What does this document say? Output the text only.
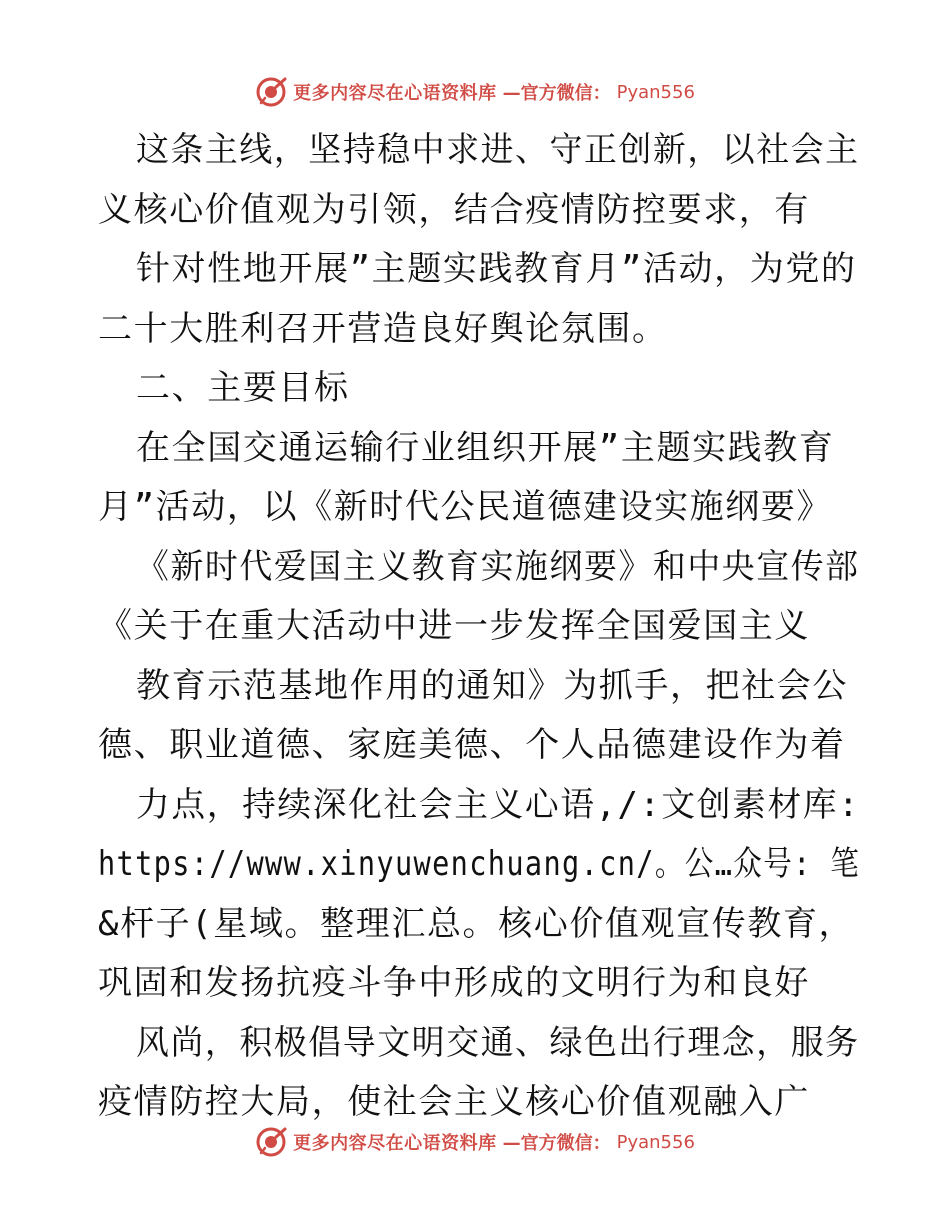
更多内容尽在心语资料库 —官方微信： Pyan556
这条主线，坚持稳中求进、守正创新，以社会主
义核心价值观为引领，结合疫情防控要求，有
针对性地开展”主题实践教育月”活动，为党的
二十大胜利召开营造良好舆论氛围。
二、主要目标
在全国交通运输行业组织开展”主题实践教育
月”活动，以《新时代公民道德建设实施纲要》
《新时代爱国主义教育实施纲要》和中央宣传部
《关于在重大活动中进一步发挥全国爱国主义
教育示范基地作用的通知》为抓手，把社会公
德、职业道德、家庭美德、个人品德建设作为着
力点，持续深化社会主义心语,/:文创素材库:
https://www.xinyuwenchuang.cn/。公…众号: 笔
&杆子(星域。整理汇总。核心价值观宣传教育，
巩固和发扬抗疫斗争中形成的文明行为和良好
风尚，积极倡导文明交通、绿色出行理念，服务
疫情防控大局，使社会主义核心价值观融入广
更多内容尽在心语资料库 —官方微信： Pyan556
